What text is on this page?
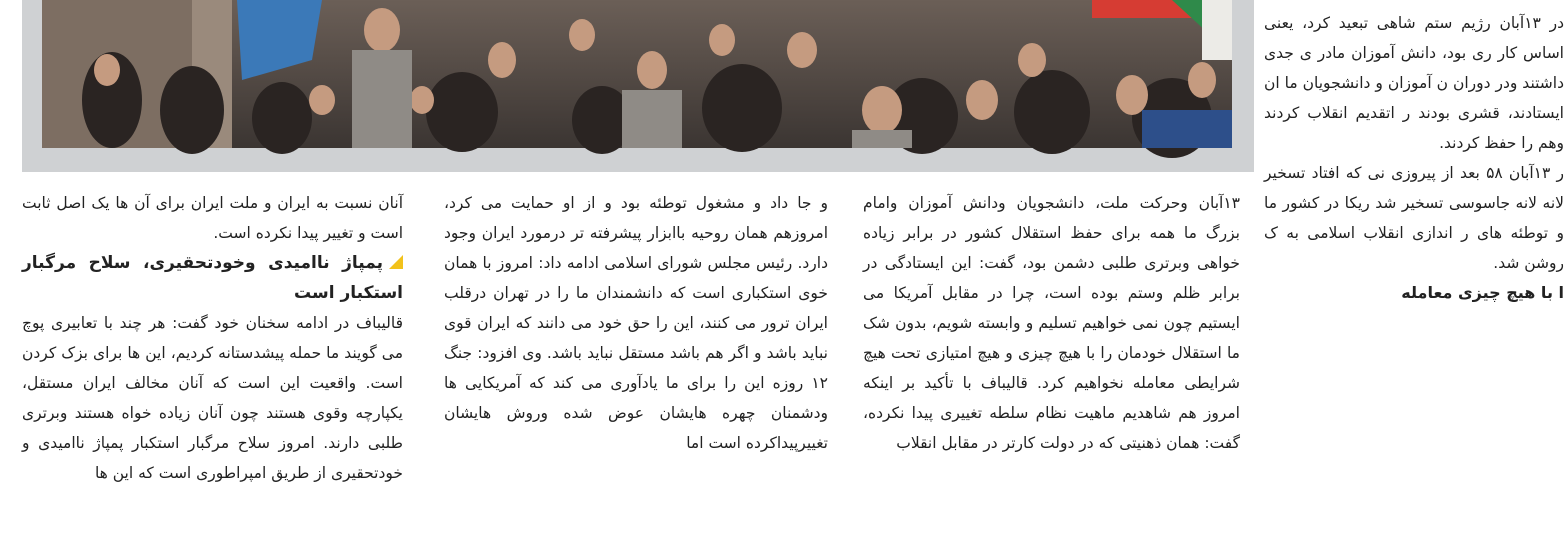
۱۳آبان وحرکت ملت، دانشجویان ودانش آموزان وامام بزرگ ما همه برای حفظ استقلال کشور در برابر زیاده خواهی وبرتری طلبی دشمن بود، گفت: این ایستادگی در برابر ظلم وستم بوده است، چرا در مقابل آمریکا می ایستیم چون نمی خواهیم تسلیم و وابسته شویم، بدون شک ما استقلال خودمان را با هیچ چیزی و هیچ امتیازی تحت هیچ شرایطی معامله نخواهیم کرد. قالیباف با تأکید بر اینکه امروز هم شاهدیم ماهیت نظام سلطه تغییری پیدا نکرده، گفت: همان ذهنیتی که در دولت کارتر در مقابل انقلاب

و جا داد و مشغول توطئه بود و از او حمایت می کرد، امروزهم همان روحیه باابزار پیشرفته تر درمورد ایران وجود دارد. رئیس مجلس شورای اسلامی ادامه داد: امروز با همان خوی استکباری است که دانشمندان ما را در تهران درقلب ایران ترور می کنند، این را حق خود می دانند که ایران قوی نباید باشد و اگر هم باشد مستقل نباید باشد. وی افزود: جنگ ۱۲ روزه این را برای ما یادآوری می کند که آمریکایی ها ودشمنان چهره هایشان عوض شده وروش هایشان تغییرپیداکرده است اما

آنان نسبت به ایران و ملت ایران برای آن ها یک اصل ثابت است و تغییر پیدا نکرده است.

پمپاژ ناامیدی وخودتحقیری، سلاح مرگبار استکبار است

قالیباف در ادامه سخنان خود گفت: هر چند با تعابیری پوچ می گویند ما حمله پیشدستانه کردیم، این ها برای بزک کردن است. واقعیت این است که آنان مخالف ایران مستقل، یکپارچه وقوی هستند چون آنان زیاده خواه هستند وبرتری طلبی دارند. امروز سلاح مرگبار استکبار پمپاژ ناامیدی و خودتحقیری از طریق امپراطوری است که این ها

در ۱۳آبان رژیم ستم شاهی تبعید کرد، یعنی اساس کار ری بود، دانش آموزان مادر ی جدی داشتند ودر دوران ن آموزان و دانشجویان ما ان ایستادند، قشری بودند ر اتقدیم انقلاب کردند وهم را حفظ کردند.

ر ۱۳آبان ۵۸ بعد از پیروزی نی که افتاد تسخیر لانه لانه جاسوسی تسخیر شد ریکا در کشور ما و توطئه های ر اندازی انقلاب اسلامی به ک روشن شد.

ا با هیچ چیزی معامله
